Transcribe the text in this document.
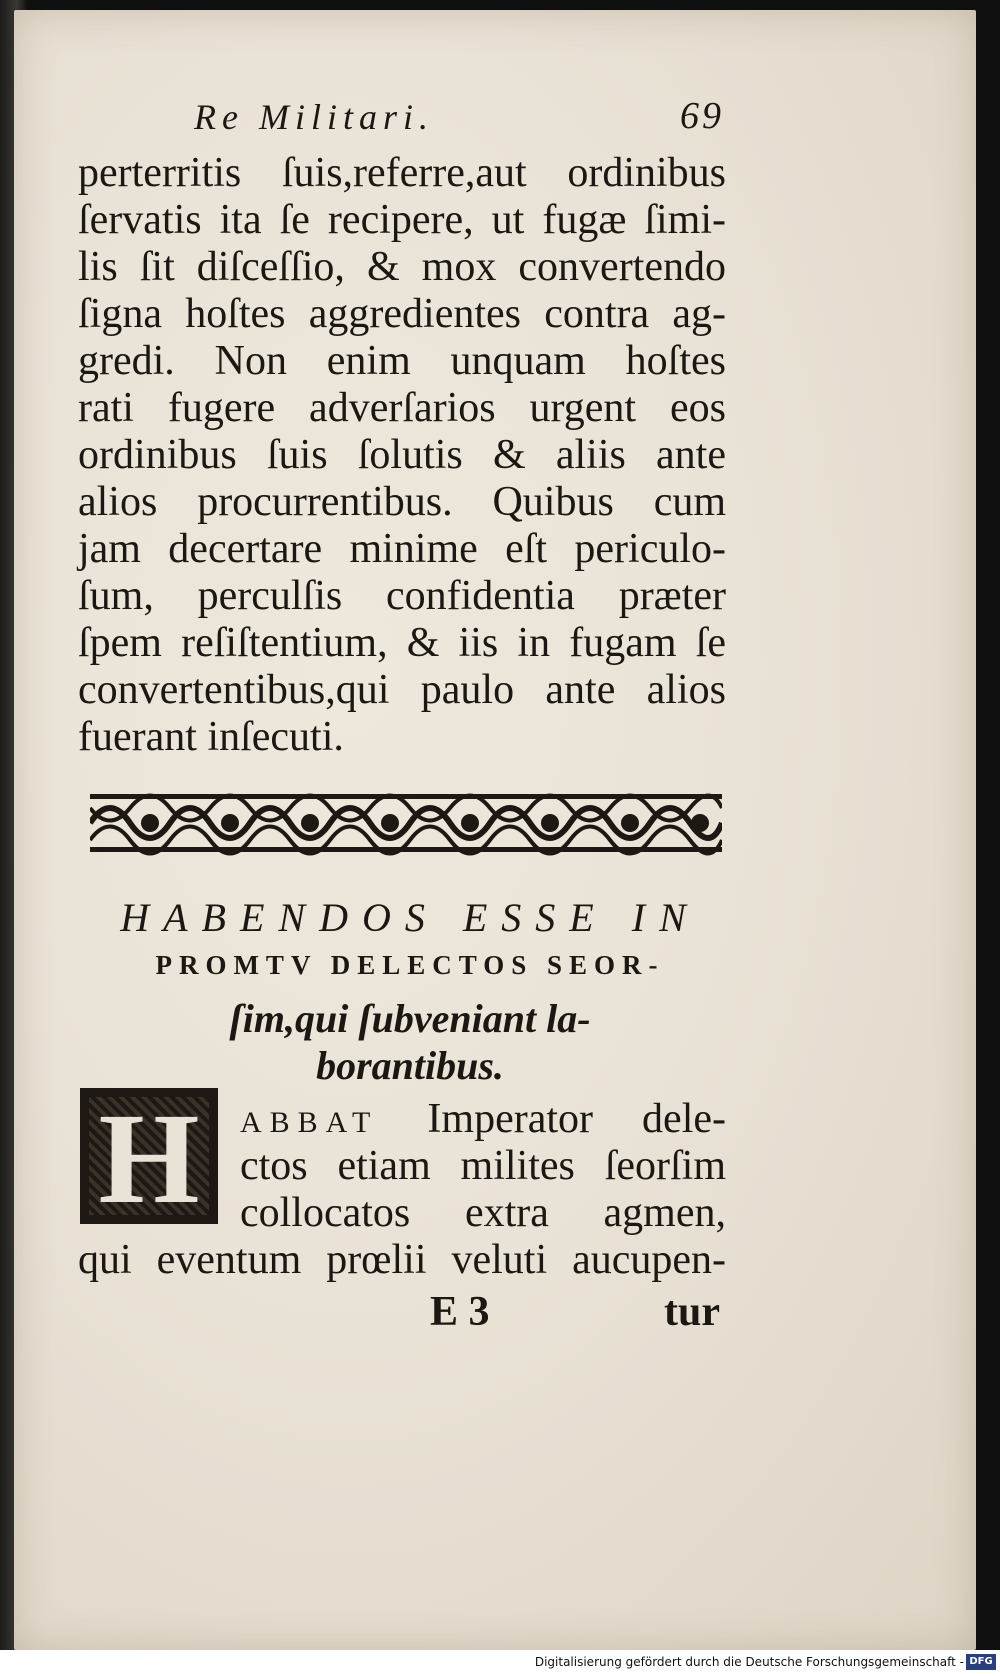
Re Militari.	69
perterritis ſuis,referre,aut ordinibus
ſervatis ita ſe recipere, ut fugæ ſimi-
lis ſit diſceſſio, & mox convertendo
ſigna hoſtes aggredientes contra ag-
gredi. Non enim unquam hoſtes
rati fugere adverſarios urgent eos
ordinibus ſuis ſolutis & aliis ante
alios procurrentibus. Quibus cum
jam decertare minime eſt periculo-
ſum, perculſis confidentia præter
ſpem reſiſtentium, & iis in fugam ſe
convertentibus,qui paulo ante alios
fuerant inſecuti.
HABENDOS ESSE IN
PROMTV DELECTOS SEOR-
ſim,qui ſubveniant la-
borantibus.
H	ABBAT Imperator dele-
ctos etiam milites ſeorſim
collocatos extra agmen,
qui eventum prœlii veluti aucupen-
E 3	tur
Digitalisierung gefördert durch die Deutsche Forschungsgemeinschaft - DFG
